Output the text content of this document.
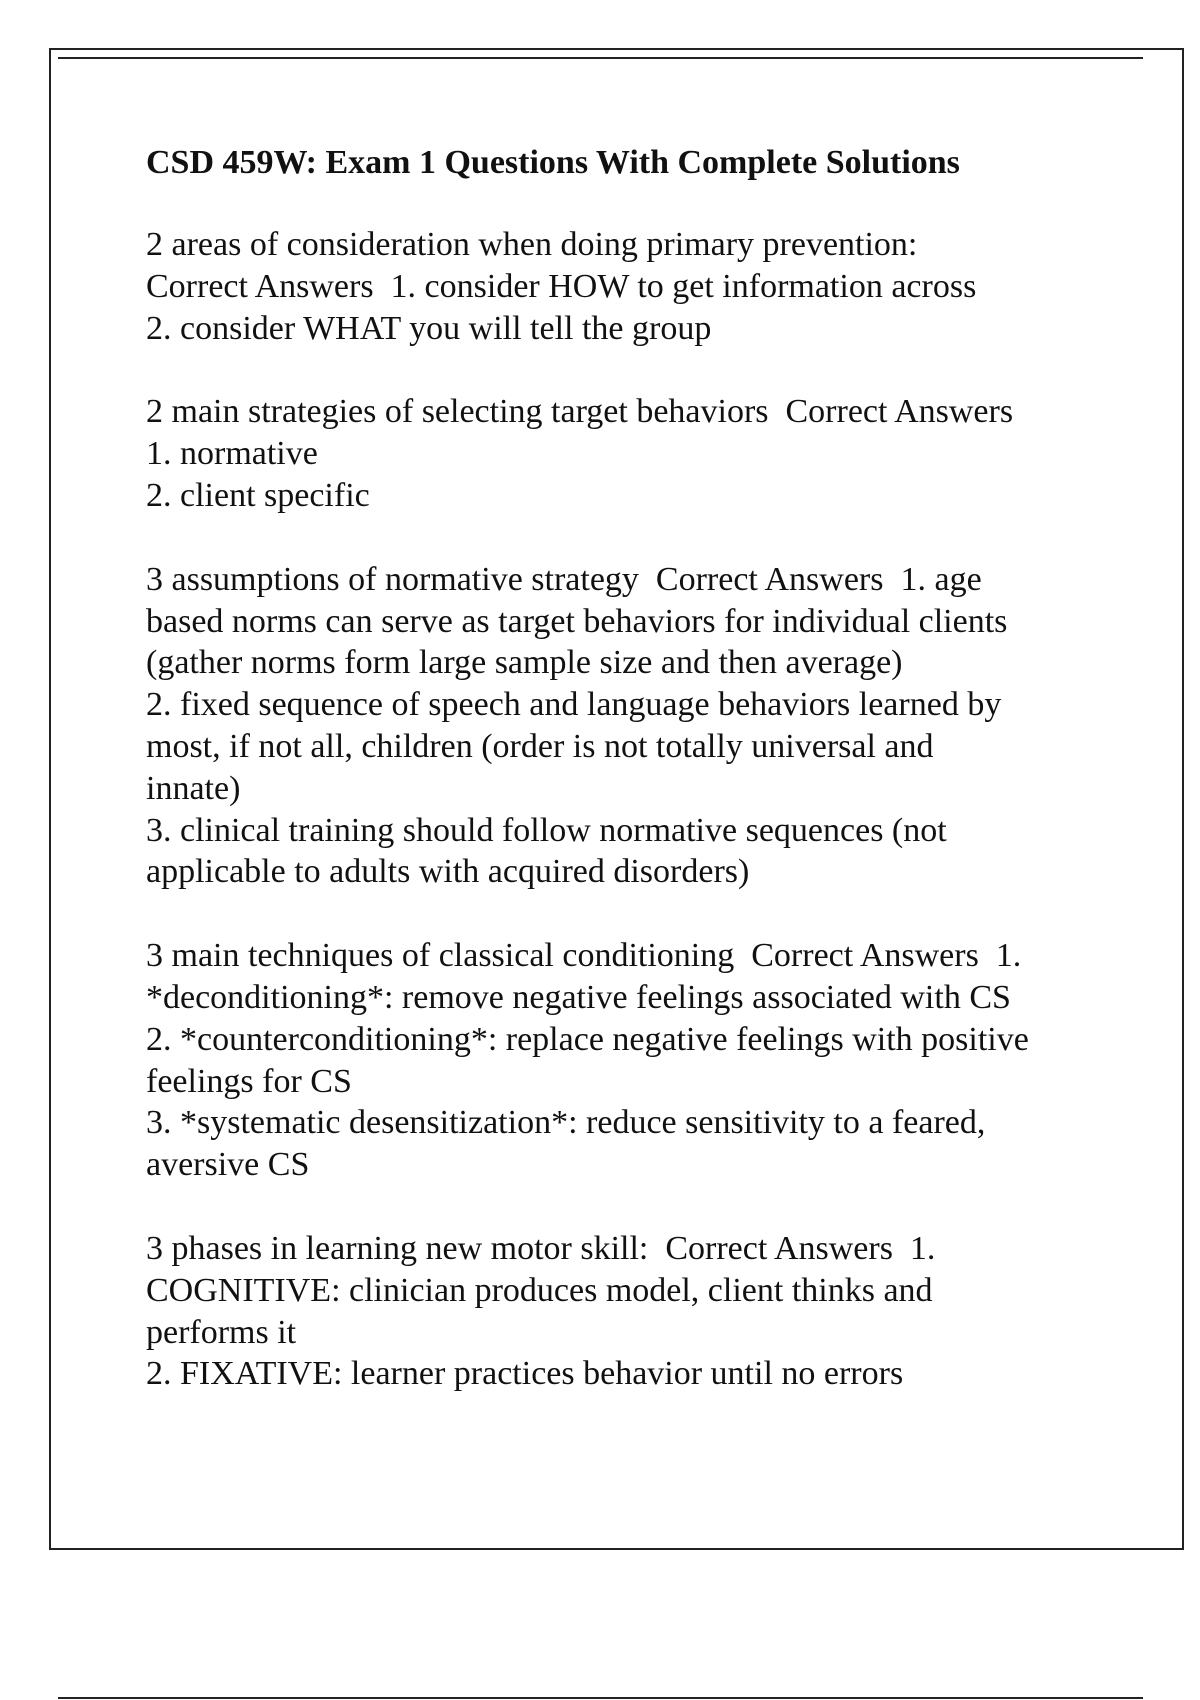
CSD 459W: Exam 1 Questions With Complete Solutions
2 areas of consideration when doing primary prevention:
Correct Answers  1. consider HOW to get information across
2. consider WHAT you will tell the group
2 main strategies of selecting target behaviors  Correct Answers
1. normative
2. client specific
3 assumptions of normative strategy  Correct Answers  1. age
based norms can serve as target behaviors for individual clients
(gather norms form large sample size and then average)
2. fixed sequence of speech and language behaviors learned by
most, if not all, children (order is not totally universal and
innate)
3. clinical training should follow normative sequences (not
applicable to adults with acquired disorders)
3 main techniques of classical conditioning  Correct Answers  1.
*deconditioning*: remove negative feelings associated with CS
2. *counterconditioning*: replace negative feelings with positive
feelings for CS
3. *systematic desensitization*: reduce sensitivity to a feared,
aversive CS
3 phases in learning new motor skill:  Correct Answers  1.
COGNITIVE: clinician produces model, client thinks and
performs it
2. FIXATIVE: learner practices behavior until no errors
